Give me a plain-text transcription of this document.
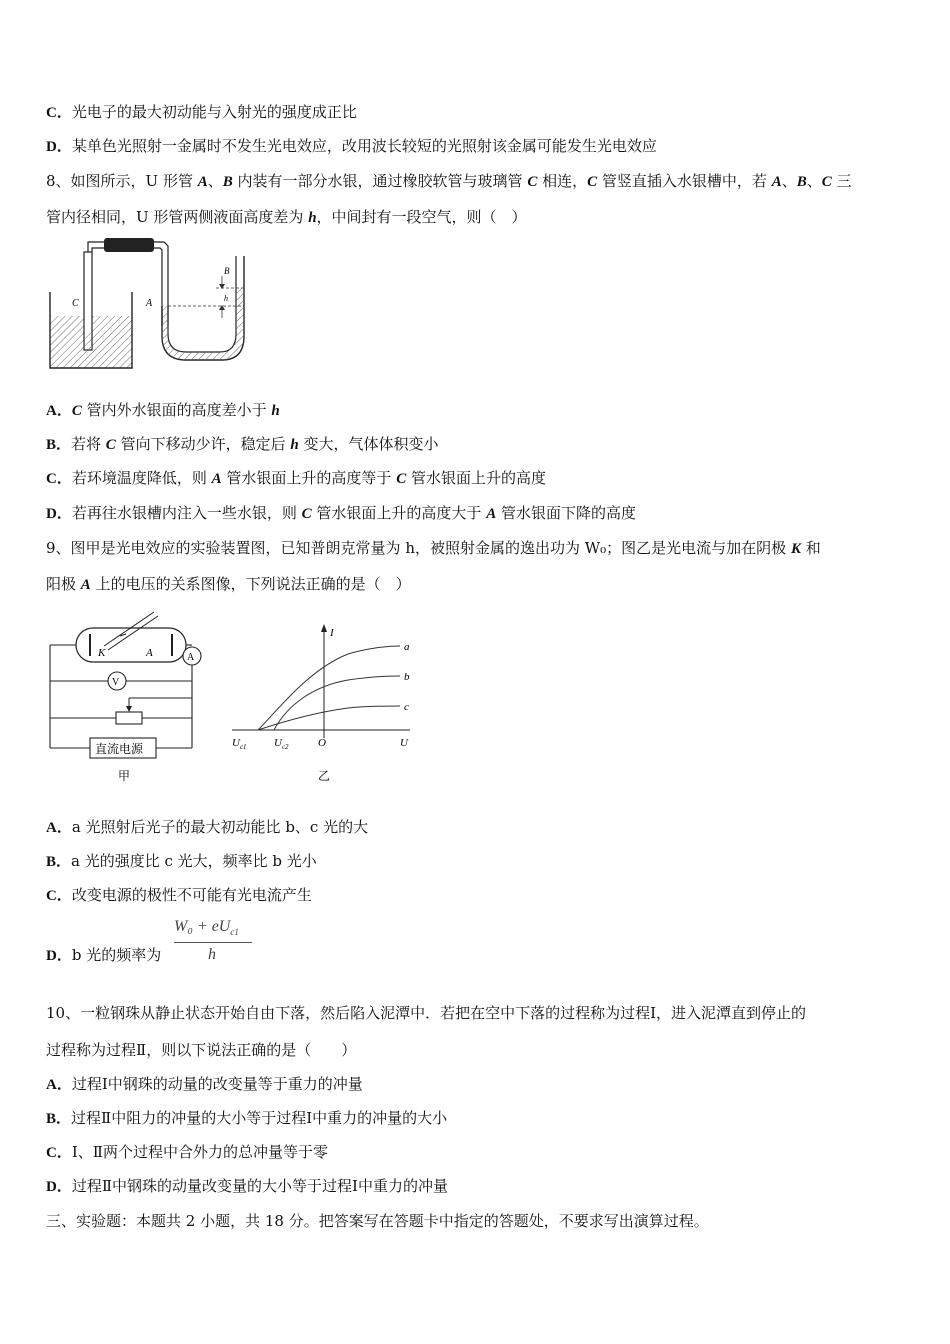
C．光电子的最大初动能与入射光的强度成正比
D．某单色光照射一金属时不发生光电效应，改用波长较短的光照射该金属可能发生光电效应
8、如图所示，U 形管 A、B 内装有一部分水银，通过橡胶软管与玻璃管 C 相连，C 管竖直插入水银槽中，若 A、B、C 三
管内径相同，U 形管两侧液面高度差为 h，中间封有一段空气，则（　）
C	A
B
h
A．C 管内外水银面的高度差小于 h
B．若将 C 管向下移动少许，稳定后 h 变大，气体体积变小
C．若环境温度降低，则 A 管水银面上升的高度等于 C 管水银面上升的高度
D．若再往水银槽内注入一些水银，则 C 管水银面上升的高度大于 A 管水银面下降的高度
9、图甲是光电效应的实验装置图，已知普朗克常量为 h，被照射金属的逸出功为 W₀；图乙是光电流与加在阴极 K 和
阳极 A 上的电压的关系图像，下列说法正确的是（　）
K	A	A
V
直流电源
甲
I
U
O
a
b
c
$U_{c1}$ $U_{c2}$
乙
A．a 光照射后光子的最大初动能比 b、c 光的大
B．a 光的强度比 c 光大，频率比 b 光小
C．改变电源的极性不可能有光电流产生
D．b 光的频率为
$W_0 + eU_{c1}$
h
10、一粒钢珠从静止状态开始自由下落，然后陷入泥潭中．若把在空中下落的过程称为过程Ⅰ，进入泥潭直到停止的
过程称为过程Ⅱ，则以下说法正确的是（　　）
A．过程Ⅰ中钢珠的动量的改变量等于重力的冲量
B．过程Ⅱ中阻力的冲量的大小等于过程Ⅰ中重力的冲量的大小
C．Ⅰ、Ⅱ两个过程中合外力的总冲量等于零
D．过程Ⅱ中钢珠的动量改变量的大小等于过程Ⅰ中重力的冲量
三、实验题：本题共 2 小题，共 18 分。把答案写在答题卡中指定的答题处，不要求写出演算过程。
